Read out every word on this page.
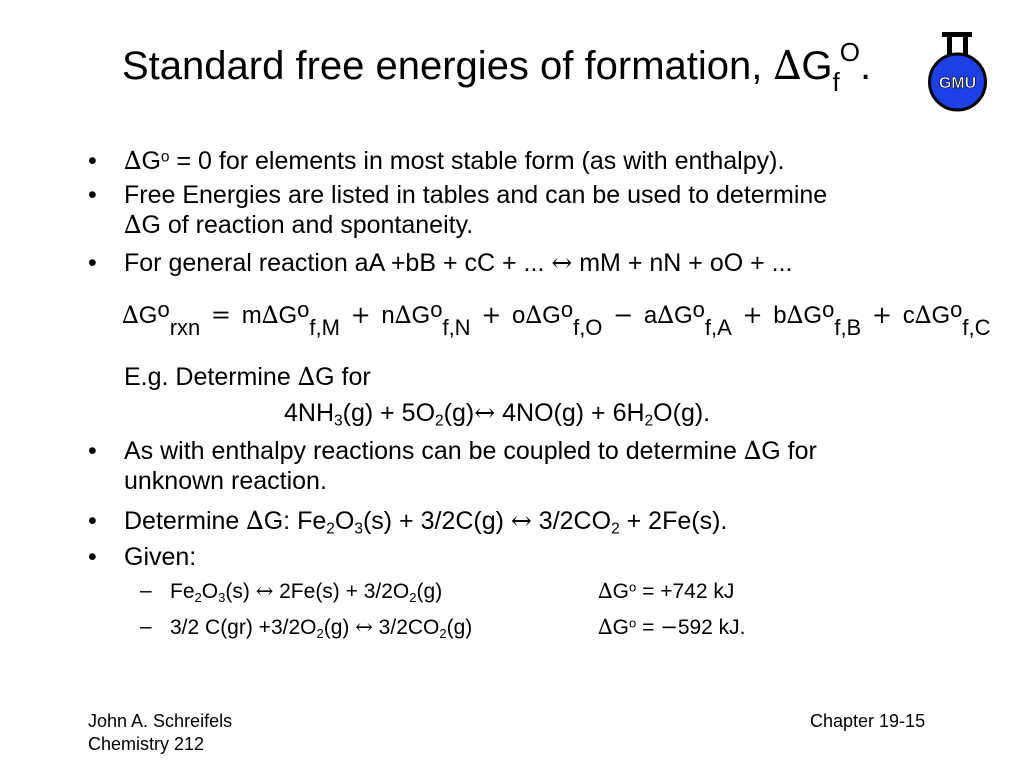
Standard free energies of formation, $\Delta G_f^O$.	GMU
• $\Delta G^o = 0$ for elements in most stable form (as with enthalpy).
• Free Energies are listed in tables and can be used to determine
∆G of reaction and spontaneity.
• For general reaction aA +bB + cC + ... ↔ mM + nN + oO + ...
$\Delta G^o_{rxn} = m\Delta G^o_{f,M} + n\Delta G^o_{f,N} + o\Delta G^o_{f,O} - a\Delta G^o_{f,A} + b\Delta G^o_{f,B} + c\Delta G^o_{f,C}$
E.g. Determine ∆G for
$4NH_3(g)$ + $5O_2(g)\leftrightarrow$ $4NO(g) + 6H_2O(g)$.
• As with enthalpy reactions can be coupled to determine ∆G for
unknown reaction.
• Determine ∆G: $Fe_2O_3(s) + 3/2C(g)$ ↔ $3/2CO_2 + 2Fe(s)$.
• Given:
– $Fe_2O_3(s)$ ↔ $2Fe(s) + 3/2O_2(g)$	$\Delta G^o = +742$ kJ
– 3/2 $C(gr) +3/2O_2(g)$ ↔ $3/2CO_2(g)$	$\Delta G^o = -592$ kJ.
John A. Schreifels
Chemistry 212
Chapter 19-15
